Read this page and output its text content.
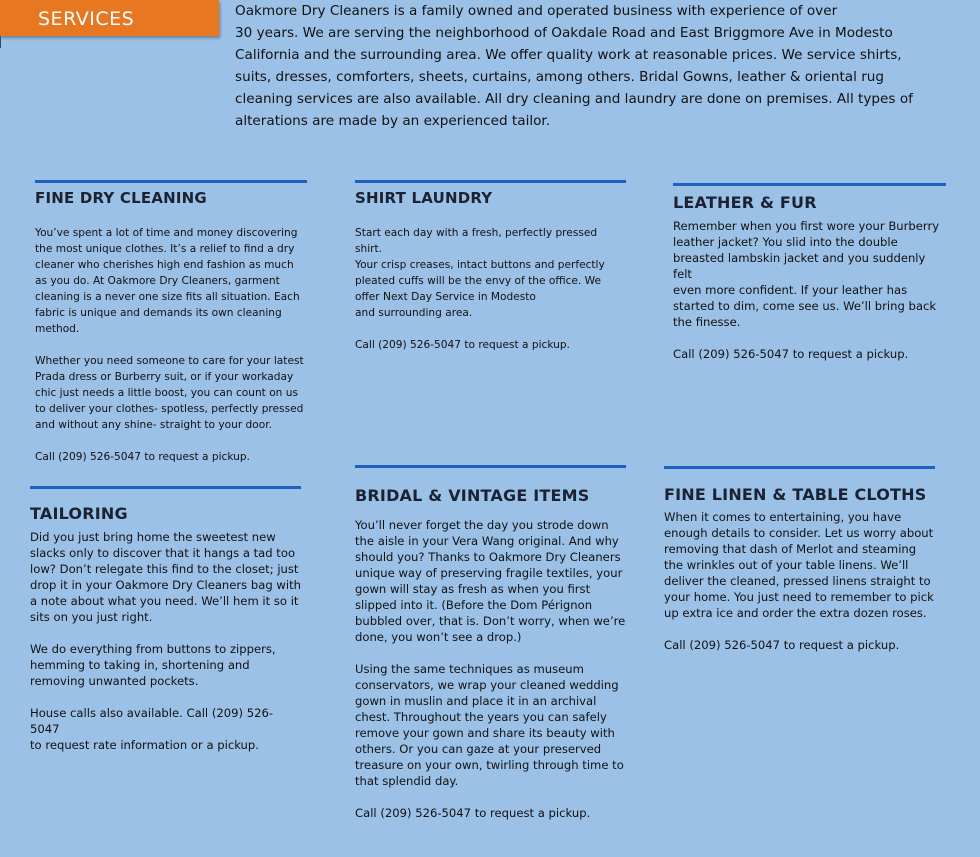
SERVICES	Oakmore Dry Cleaners is a family owned and operated business with experience of over
30 years. We are serving the neighborhood of Oakdale Road and East Briggmore Ave in Modesto
California and the surrounding area. We offer quality work at reasonable prices. We service shirts,
suits, dresses, comforters, sheets, curtains, among others. Bridal Gowns, leather & oriental rug
cleaning services are also available. All dry cleaning and laundry are done on premises. All types of
alterations are made by an experienced tailor.

FINE DRY CLEANING

You’ve spent a lot of time and money discovering
the most unique clothes. It’s a relief to find a dry
cleaner who cherishes high end fashion as much
as you do. At Oakmore Dry Cleaners, garment
cleaning is a never one size fits all situation. Each
fabric is unique and demands its own cleaning
method.

Whether you need someone to care for your latest
Prada dress or Burberry suit, or if your workaday
chic just needs a little boost, you can count on us
to deliver your clothes- spotless, perfectly pressed
and without any shine- straight to your door.

Call (209) 526-5047 to request a pickup.

SHIRT LAUNDRY

Start each day with a fresh, perfectly pressed shirt.
Your crisp creases, intact buttons and perfectly
pleated cuffs will be the envy of the office. We
offer Next Day Service in Modesto
and surrounding area.

Call (209) 526-5047 to request a pickup.

LEATHER & FUR

Remember when you first wore your Burberry
leather jacket? You slid into the double
breasted lambskin jacket and you suddenly felt
even more confident. If your leather has
started to dim, come see us. We’ll bring back
the finesse.

Call (209) 526-5047 to request a pickup.

TAILORING

Did you just bring home the sweetest new
slacks only to discover that it hangs a tad too
low? Don’t relegate this find to the closet; just
drop it in your Oakmore Dry Cleaners bag with
a note about what you need. We’ll hem it so it
sits on you just right.

We do everything from buttons to zippers,
hemming to taking in, shortening and
removing unwanted pockets.

House calls also available. Call (209) 526-5047
to request rate information or a pickup.

BRIDAL & VINTAGE ITEMS

You’ll never forget the day you strode down
the aisle in your Vera Wang original. And why
should you? Thanks to Oakmore Dry Cleaners
unique way of preserving fragile textiles, your
gown will stay as fresh as when you first
slipped into it. (Before the Dom Pérignon
bubbled over, that is. Don’t worry, when we’re
done, you won’t see a drop.)

Using the same techniques as museum
conservators, we wrap your cleaned wedding
gown in muslin and place it in an archival
chest. Throughout the years you can safely
remove your gown and share its beauty with
others. Or you can gaze at your preserved
treasure on your own, twirling through time to
that splendid day.

Call (209) 526-5047 to request a pickup.

FINE LINEN & TABLE CLOTHS

When it comes to entertaining, you have
enough details to consider. Let us worry about
removing that dash of Merlot and steaming
the wrinkles out of your table linens. We’ll
deliver the cleaned, pressed linens straight to
your home. You just need to remember to pick
up extra ice and order the extra dozen roses.

Call (209) 526-5047 to request a pickup.
